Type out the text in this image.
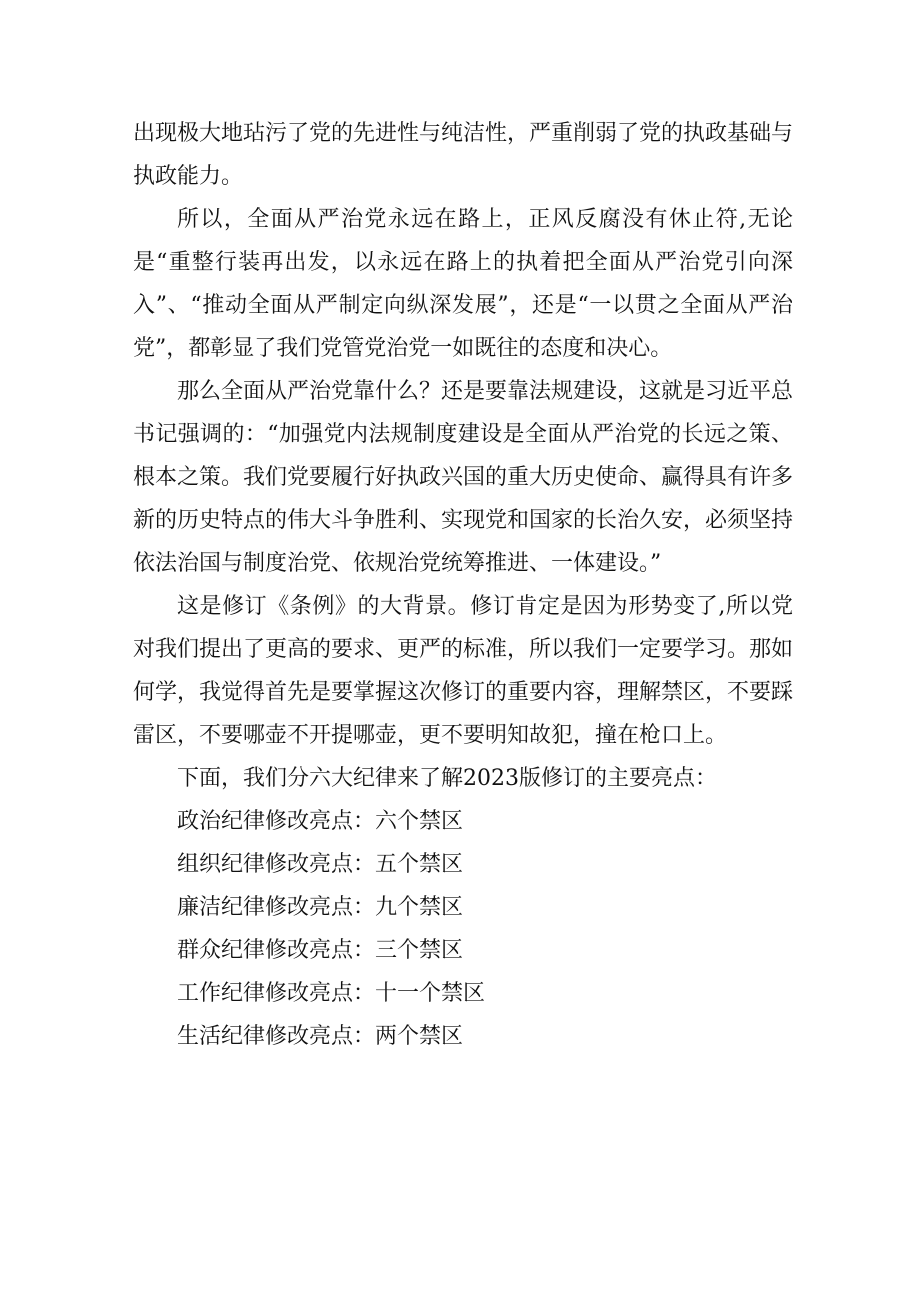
出现极大地玷污了党的先进性与纯洁性，严重削弱了党的执政基础与执政能力。

所以，全面从严治党永远在路上，正风反腐没有休止符,无论是“重整行装再出发，以永远在路上的执着把全面从严治党引向深入”、“推动全面从严制定向纵深发展”，还是“一以贯之全面从严治党”，都彰显了我们党管党治党一如既往的态度和决心。

那么全面从严治党靠什么？还是要靠法规建设，这就是习近平总书记强调的：“加强党内法规制度建设是全面从严治党的长远之策、根本之策。我们党要履行好执政兴国的重大历史使命、赢得具有许多新的历史特点的伟大斗争胜利、实现党和国家的长治久安，必须坚持依法治国与制度治党、依规治党统筹推进、一体建设。”

这是修订《条例》的大背景。修订肯定是因为形势变了,所以党对我们提出了更高的要求、更严的标准，所以我们一定要学习。那如何学，我觉得首先是要掌握这次修订的重要内容，理解禁区，不要踩雷区，不要哪壶不开提哪壶，更不要明知故犯，撞在枪口上。

下面，我们分六大纪律来了解2023版修订的主要亮点：

政治纪律修改亮点：六个禁区

组织纪律修改亮点：五个禁区

廉洁纪律修改亮点：九个禁区

群众纪律修改亮点：三个禁区

工作纪律修改亮点：十一个禁区

生活纪律修改亮点：两个禁区
